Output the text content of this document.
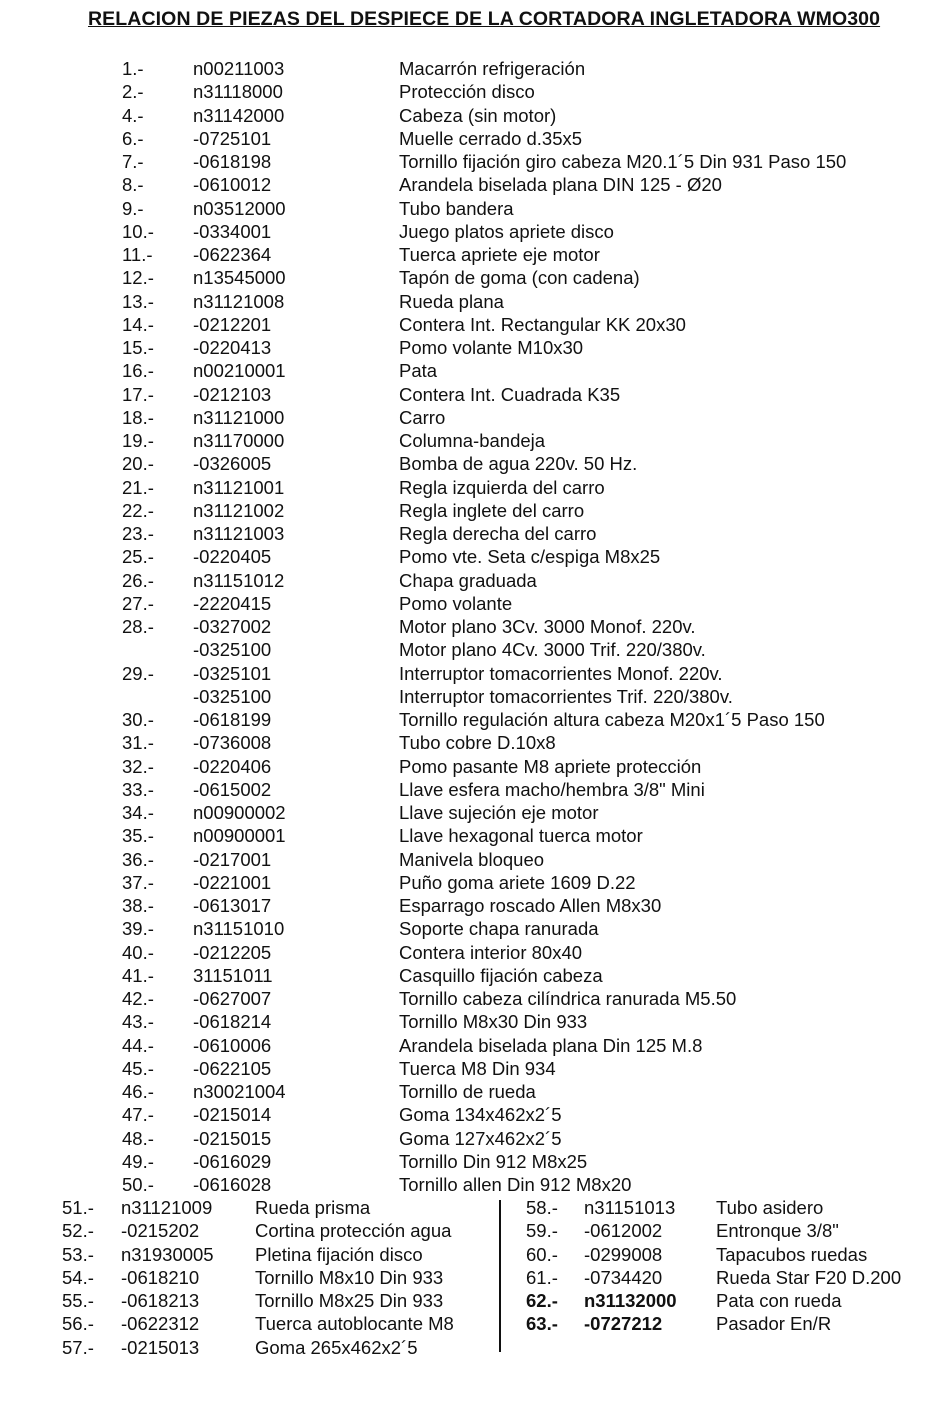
RELACION DE PIEZAS DEL DESPIECE DE LA CORTADORA INGLETADORA WMO300
1.-	n00211003	Macarrón refrigeración
2.-	n31118000	Protección disco
4.-	n31142000	Cabeza (sin motor)
6.-	-0725101	Muelle cerrado d.35x5
7.-	-0618198	Tornillo fijación giro cabeza M20.1´5 Din 931 Paso 150
8.-	-0610012	Arandela biselada plana DIN 125 - Ø20
9.-	n03512000	Tubo bandera
10.- -0334001	Juego platos apriete disco
11.- -0622364	Tuerca apriete eje motor
12.- n13545000	Tapón de goma (con cadena)
13.- n31121008	Rueda plana
14.- -0212201	Contera Int. Rectangular KK 20x30
15.- -0220413	Pomo volante M10x30
16.- n00210001	Pata
17.- -0212103	Contera Int. Cuadrada K35
18.- n31121000	Carro
19.- n31170000	Columna-bandeja
20.- -0326005	Bomba de agua 220v. 50 Hz.
21.- n31121001	Regla izquierda del carro
22.- n31121002	Regla inglete del carro
23.- n31121003	Regla derecha del carro
25.- -0220405	Pomo vte. Seta c/espiga M8x25
26.- n31151012	Chapa graduada
27.- -2220415	Pomo volante
28.- -0327002	Motor plano 3Cv. 3000 Monof. 220v.
-0325100	Motor plano 4Cv. 3000 Trif. 220/380v.
29.- -0325101	Interruptor tomacorrientes Monof. 220v.
-0325100	Interruptor tomacorrientes Trif. 220/380v.
30.- -0618199	Tornillo regulación altura cabeza M20x1´5 Paso 150
31.- -0736008	Tubo cobre D.10x8
32.- -0220406	Pomo pasante M8 apriete protección
33.- -0615002	Llave esfera macho/hembra 3/8" Mini
34.- n00900002	Llave sujeción eje motor
35.- n00900001	Llave hexagonal tuerca motor
36.- -0217001	Manivela bloqueo
37.- -0221001	Puño goma ariete 1609 D.22
38.- -0613017	Esparrago roscado Allen M8x30
39.- n31151010	Soporte chapa ranurada
40.- -0212205	Contera interior 80x40
41.- 31151011	Casquillo fijación cabeza
42.- -0627007	Tornillo cabeza cilíndrica ranurada M5.50
43.- -0618214	Tornillo M8x30 Din 933
44.- -0610006	Arandela biselada plana Din 125 M.8
45.- -0622105	Tuerca M8 Din 934
46.- n30021004	Tornillo de rueda
47.- -0215014	Goma 134x462x2´5
48.- -0215015	Goma 127x462x2´5
49.- -0616029	Tornillo Din 912 M8x25
50.- -0616028	Tornillo allen Din 912 M8x20
51.- n31121009 Rueda prisma
52.- -0215202	Cortina protección agua
53.- n31930005 Pletina fijación disco
54.- -0618210	Tornillo M8x10 Din 933
55.- -0618213	Tornillo M8x25 Din 933
56.- -0622312	Tuerca autoblocante M8
57.- -0215013	Goma 265x462x2´5
58.- n31151013 Tubo asidero
59.- -0612002	Entronque 3/8"
60.- -0299008	Tapacubos ruedas
61.- -0734420	Rueda Star F20 D.200
62.- n31132000 Pata con rueda
63.- -0727212	Pasador En/R
